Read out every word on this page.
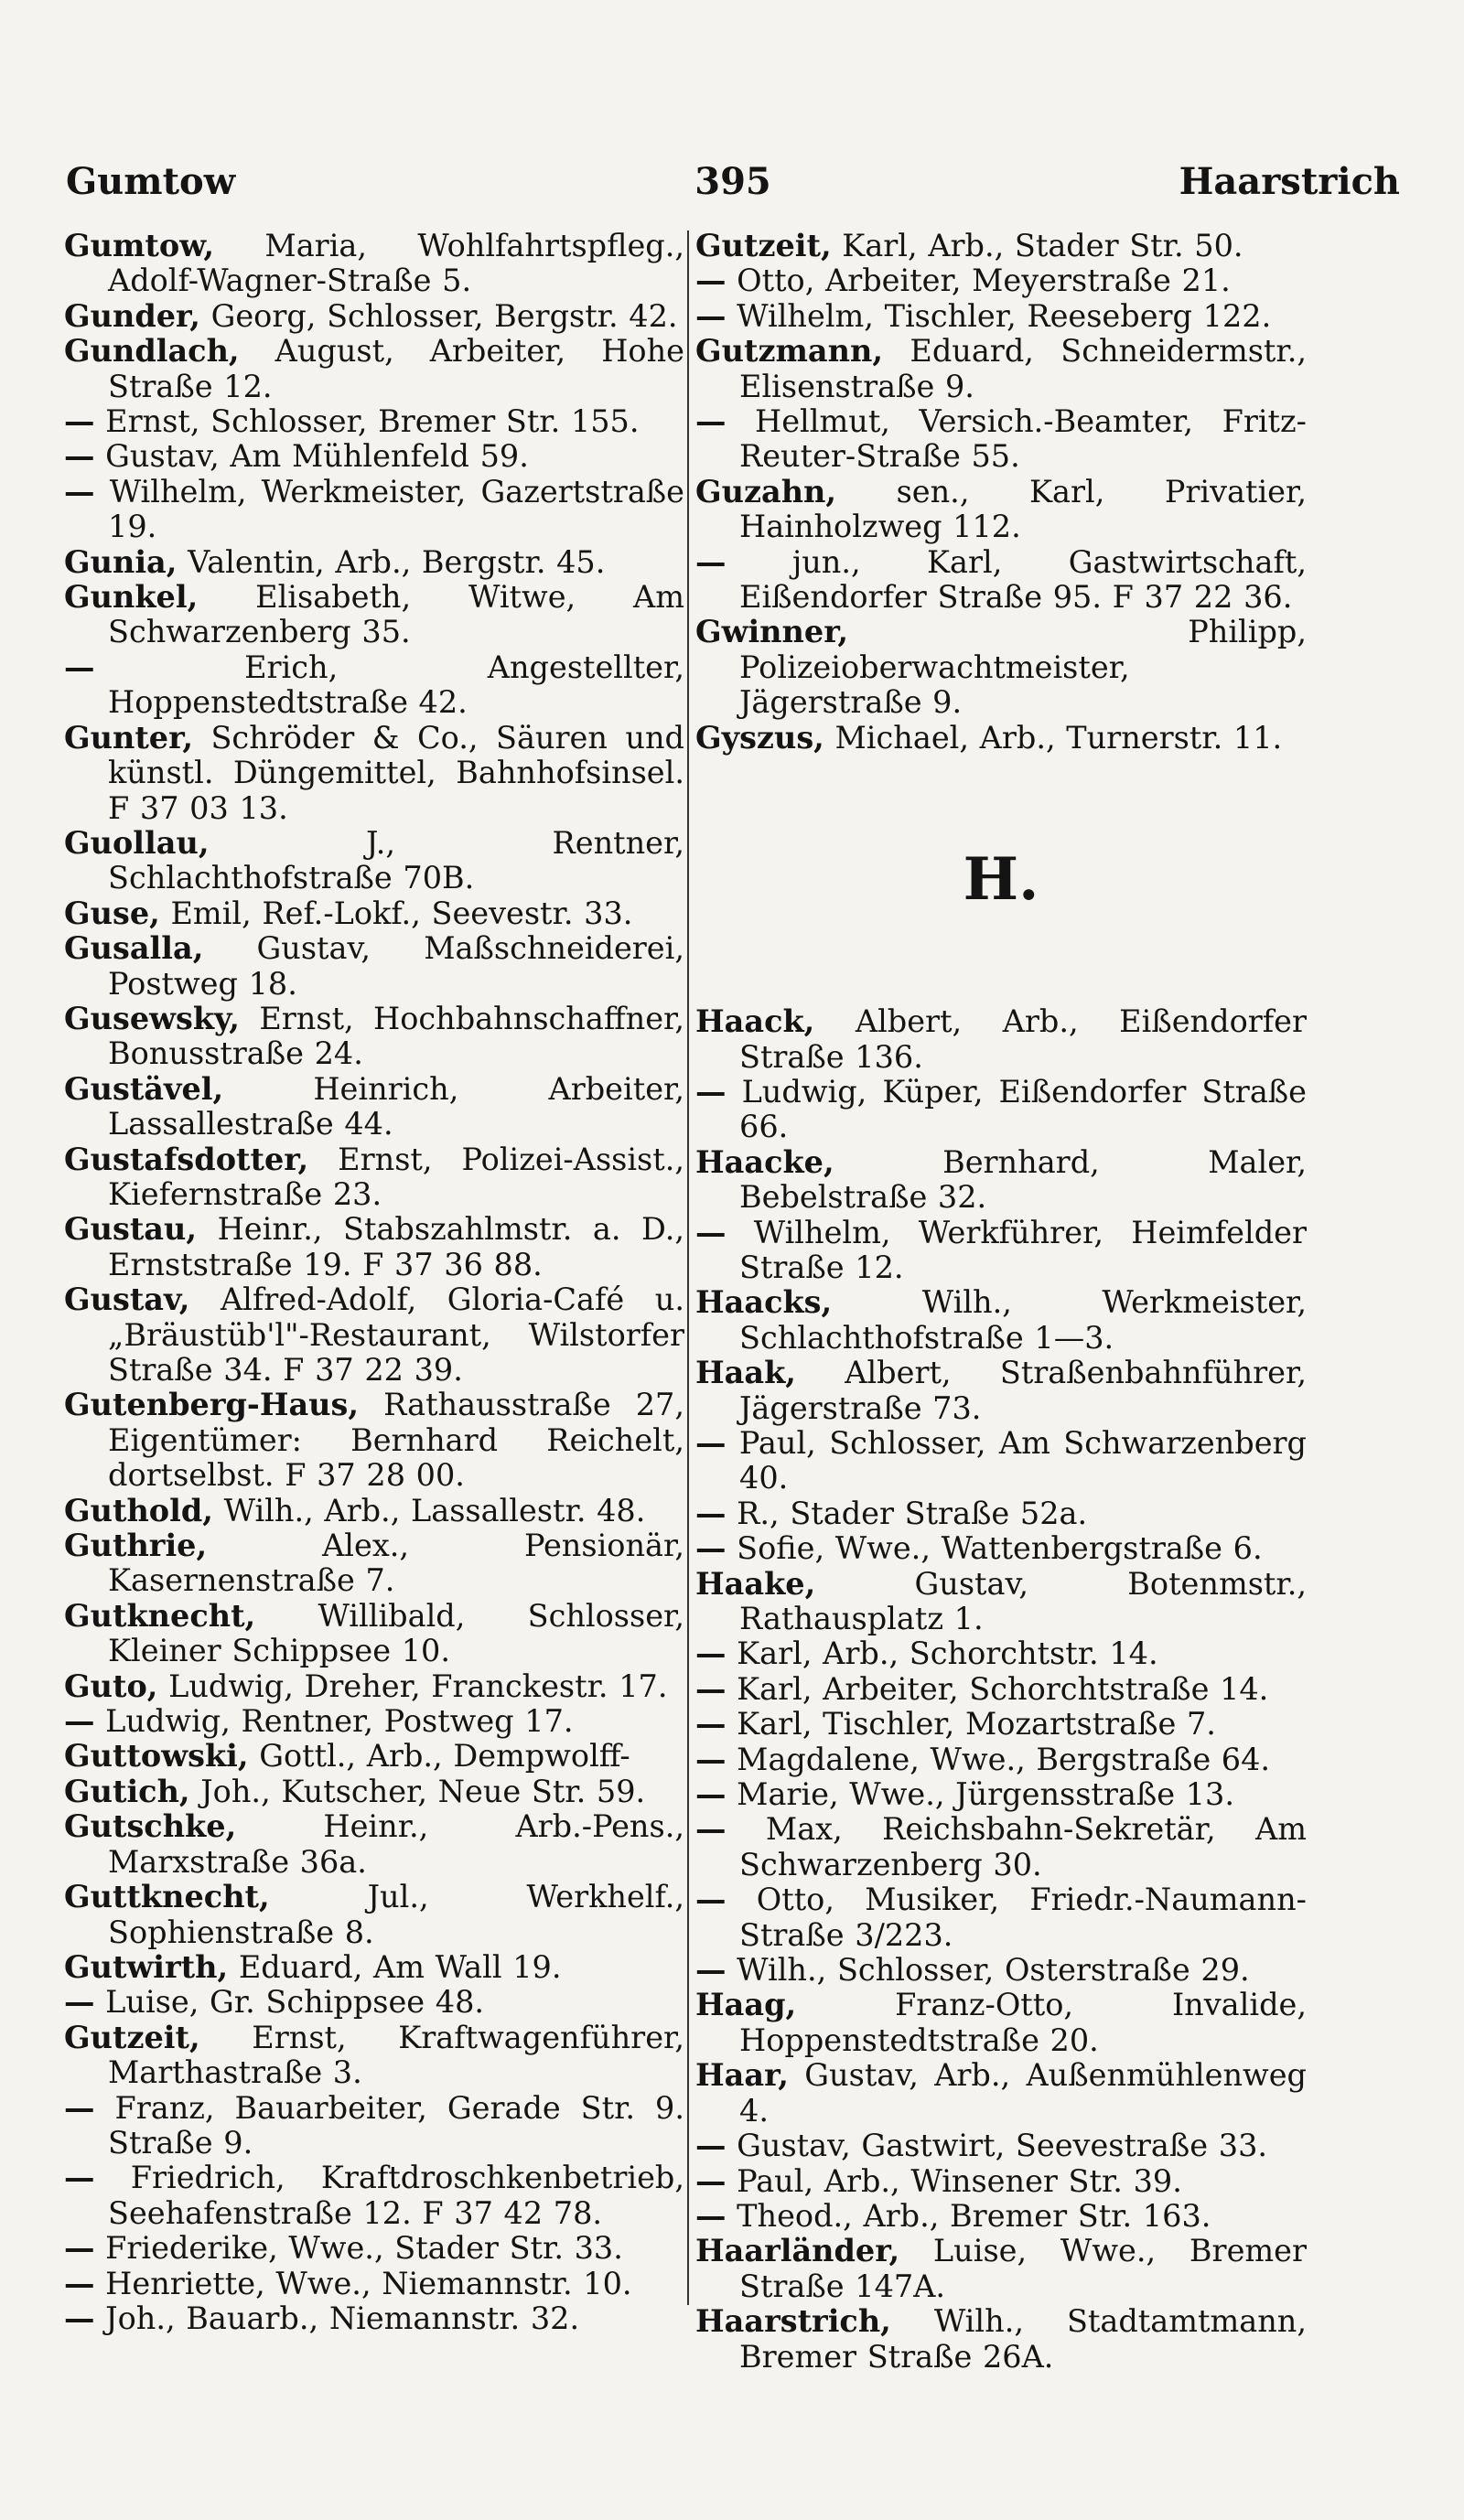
Gumtow	395	Haarstrich
Gumtow, Maria, Wohlfahrtspfleg., Adolf-Wagner-Straße 5.
Gunder, Georg, Schlosser, Bergstr. 42.
Gundlach, August, Arbeiter, Hohe Straße 12.
— Ernst, Schlosser, Bremer Str. 155.
— Gustav, Am Mühlenfeld 59.
— Wilhelm, Werkmeister, Gazertstraße 19.
Gunia, Valentin, Arb., Bergstr. 45.
Gunkel, Elisabeth, Witwe, Am Schwarzenberg 35.
—	Erich, Angestellter, Hoppenstedtstraße 42.
Gunter, Schröder & Co., Säuren und künstl. Düngemittel, Bahnhofsinsel. F 37 03 13.
Guollau,	J., Rentner, Schlachthofstraße 70B.
Guse, Emil, Ref.-Lokf., Seevestr. 33.
Gusalla, Gustav, Maßschneiderei, Postweg 18.
Gusewsky, Ernst, Hochbahnschaffner, Bonusstraße 24.
Gustävel,	Heinrich, Arbeiter, Lassallestraße 44.
Gustafsdotter, Ernst, Polizei-Assist., Kiefernstraße 23.
Gustau, Heinr., Stabszahlmstr. a. D., Ernststraße 19. F 37 36 88.
Gustav, Alfred-Adolf, Gloria-Café u. „Bräustüb'l"-Restaurant, Wilstorfer Straße 34. F 37 22 39.
Gutenberg-Haus, Rathausstraße 27, Eigentümer: Bernhard Reichelt, dortselbst. F 37 28 00.
Guthold, Wilh., Arb., Lassallestr. 48.
Guthrie,	Alex., Pensionär, Kasernenstraße 7.
Gutknecht, Willibald, Schlosser, Kleiner Schippsee 10.
Guto, Ludwig, Dreher, Franckestr. 17.
— Ludwig, Rentner, Postweg 17.
Guttowski, Gottl., Arb., Dempwolff-
Gutich, Joh., Kutscher, Neue Str. 59.
Gutschke,	Heinr., Arb.-Pens., Marxstraße 36a.
Guttknecht,	Jul., Werkhelf., Sophienstraße 8.
Gutwirth, Eduard, Am Wall 19.
— Luise, Gr. Schippsee 48.
Gutzeit, Ernst, Kraftwagenführer, Marthastraße 3.
— Franz, Bauarbeiter, Gerade Str. 9. Straße 9.
— Friedrich, Kraftdroschkenbetrieb, Seehafenstraße 12. F 37 42 78.
— Friederike, Wwe., Stader Str. 33.
— Henriette, Wwe., Niemannstr. 10.
— Joh., Bauarb., Niemannstr. 32.
Gutzeit, Karl, Arb., Stader Str. 50.
— Otto, Arbeiter, Meyerstraße 21.
— Wilhelm, Tischler, Reeseberg 122.
Gutzmann, Eduard, Schneidermstr., Elisenstraße 9.
— Hellmut, Versich.-Beamter, Fritz-Reuter-Straße 55.
Guzahn, sen., Karl, Privatier, Hainholzweg 112.
— jun., Karl, Gastwirtschaft, Eißendorfer Straße 95. F 37 22 36.
Gwinner,	Philipp, Polizeioberwachtmeister, Jägerstraße 9.
Gyszus, Michael, Arb., Turnerstr. 11.
H.
Haack, Albert, Arb., Eißendorfer Straße 136.
— Ludwig, Küper, Eißendorfer Straße 66.
Haacke,	Bernhard, Maler, Bebelstraße 32.
— Wilhelm, Werkführer, Heimfelder Straße 12.
Haacks,	Wilh., Werkmeister, Schlachthofstraße 1—3.
Haak, Albert, Straßenbahnführer, Jägerstraße 73.
— Paul, Schlosser, Am Schwarzenberg 40.
— R., Stader Straße 52a.
— Sofie, Wwe., Wattenbergstraße 6.
Haake,	Gustav, Botenmstr., Rathausplatz 1.
— Karl, Arb., Schorchtstr. 14.
— Karl, Arbeiter, Schorchtstraße 14.
— Karl, Tischler, Mozartstraße 7.
— Magdalene, Wwe., Bergstraße 64.
— Marie, Wwe., Jürgensstraße 13.
— Max, Reichsbahn-Sekretär, Am Schwarzenberg 30.
— Otto, Musiker, Friedr.-Naumann-Straße 3/223.
— Wilh., Schlosser, Osterstraße 29.
Haag,	Franz-Otto, Invalide, Hoppenstedtstraße 20.
Haar, Gustav, Arb., Außenmühlenweg 4.
— Gustav, Gastwirt, Seevestraße 33.
— Paul, Arb., Winsener Str. 39.
— Theod., Arb., Bremer Str. 163.
Haarländer, Luise, Wwe., Bremer Straße 147A.
Haarstrich, Wilh., Stadtamtmann, Bremer Straße 26A.
